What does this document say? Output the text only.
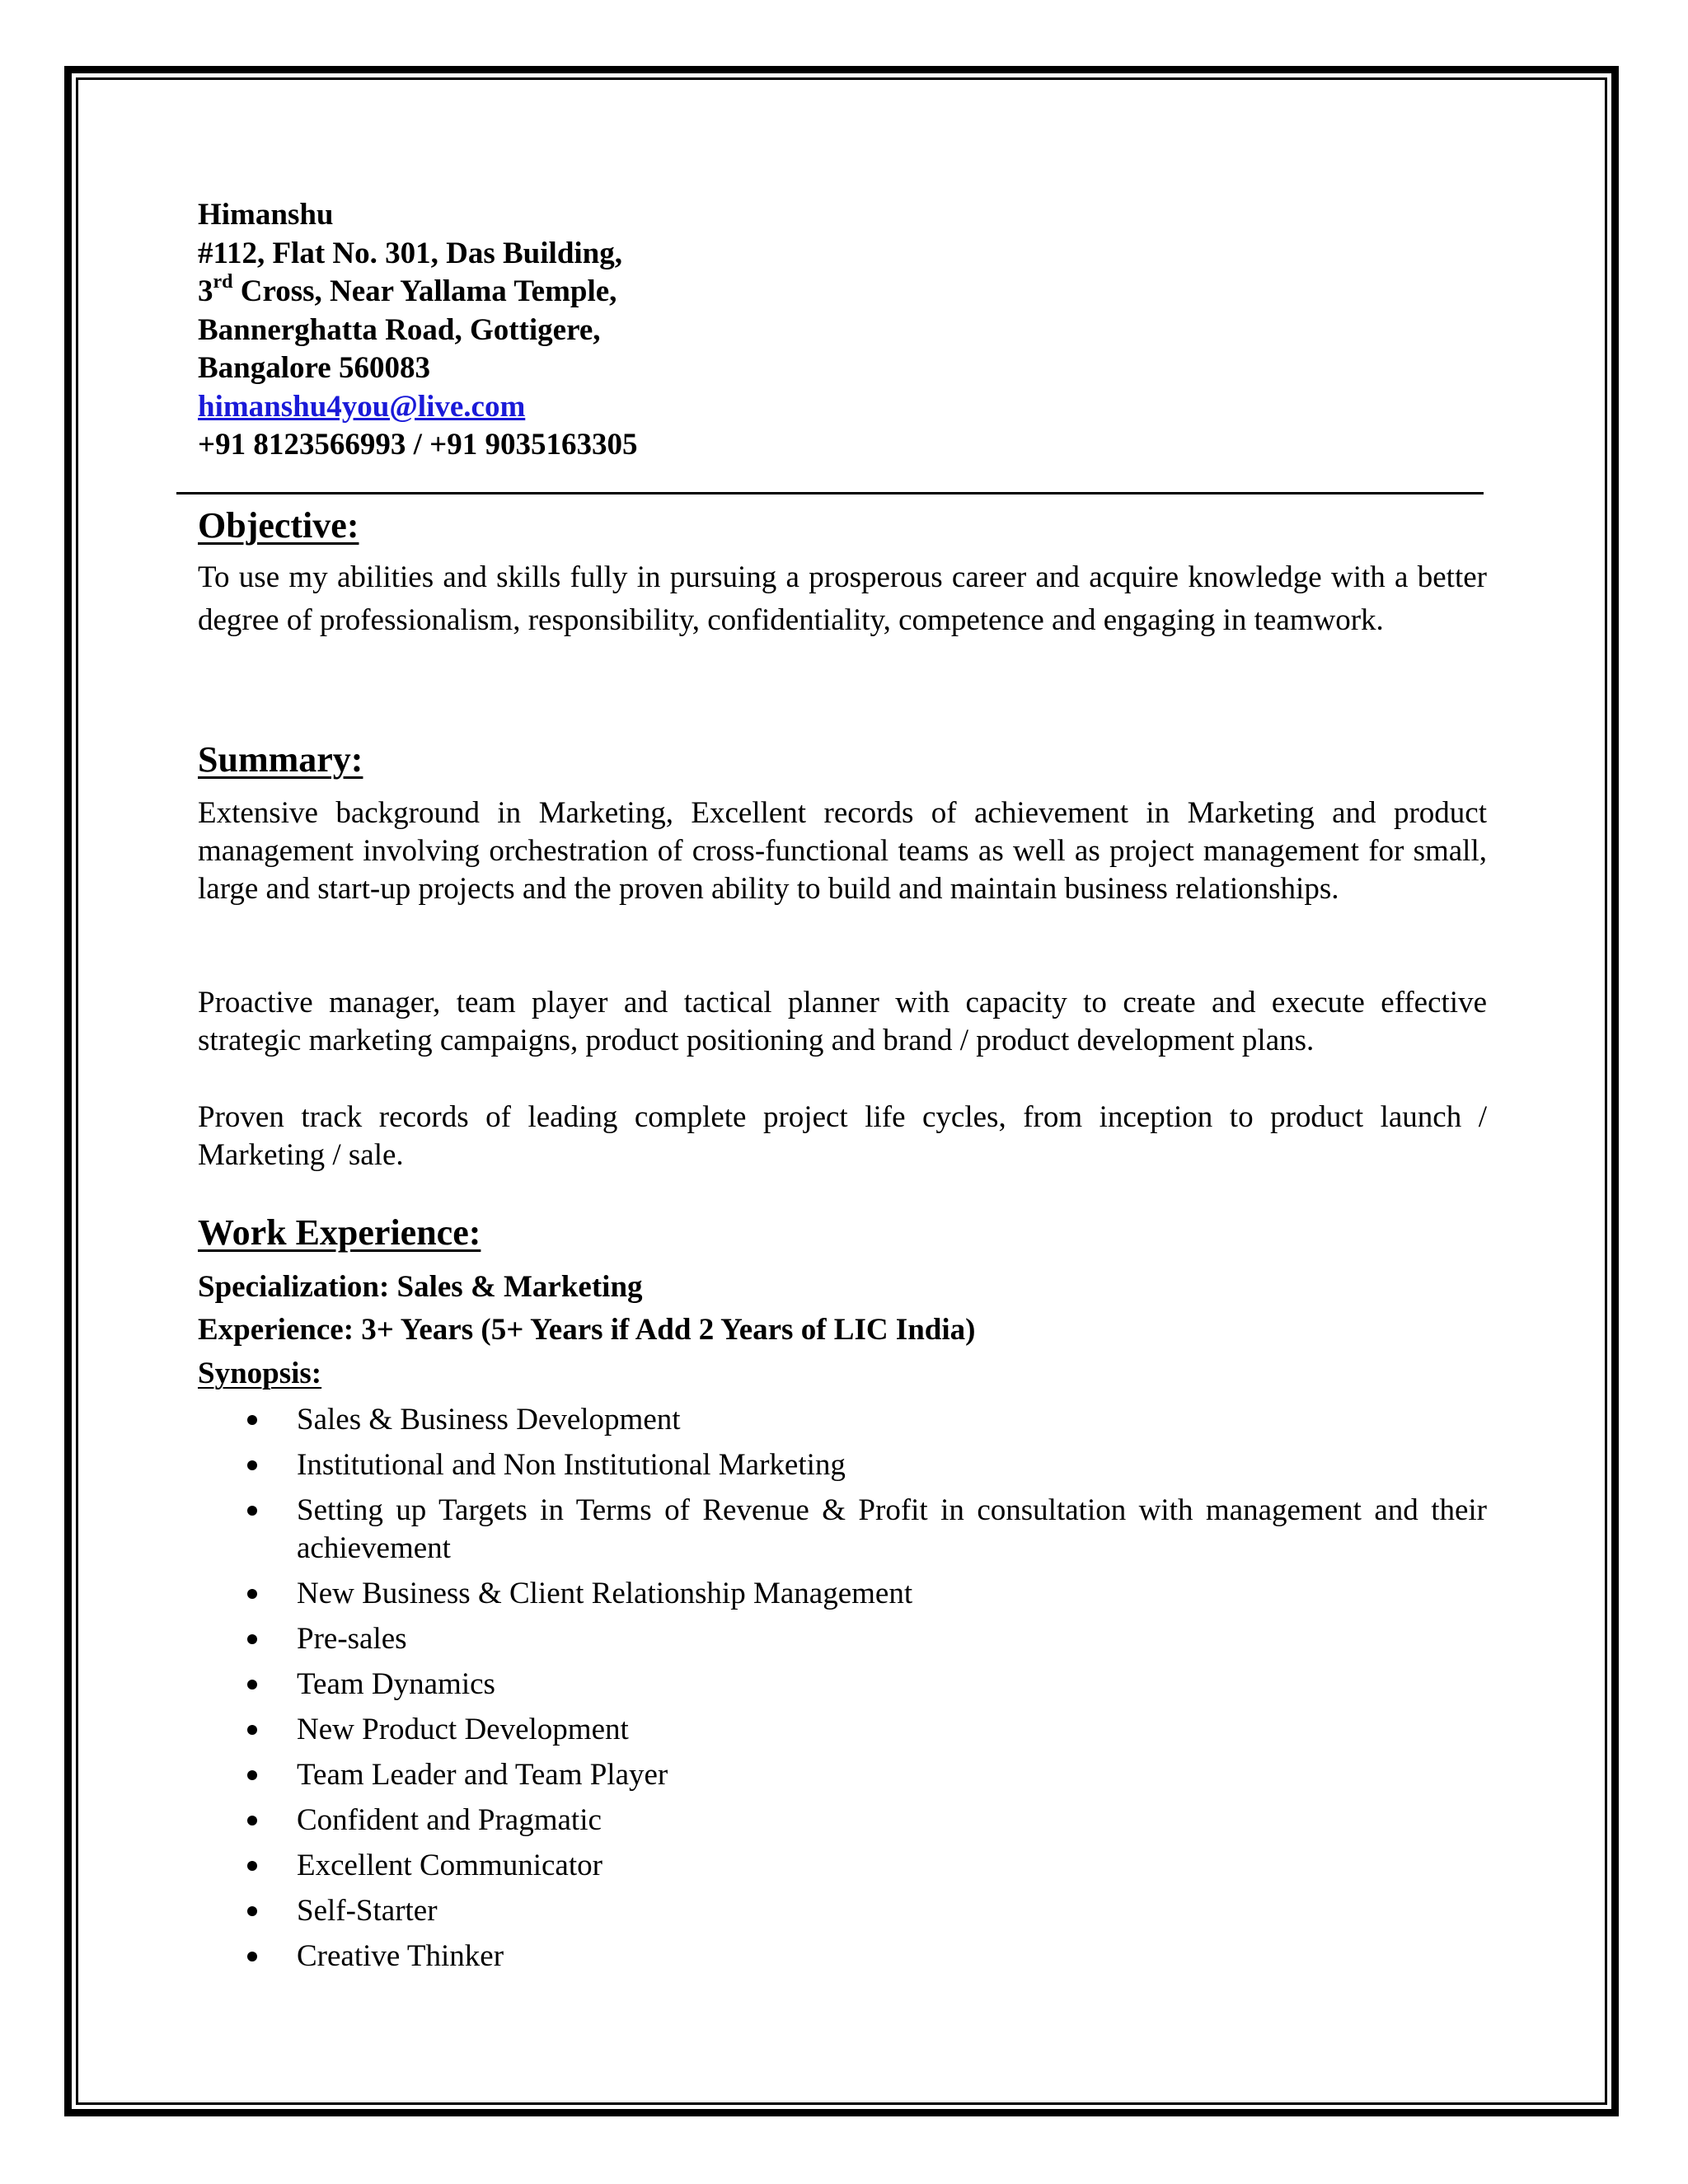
Himanshu
#112, Flat No. 301, Das Building,
3rd Cross, Near Yallama Temple,
Bannerghatta Road, Gottigere,
Bangalore 560083
himanshu4you@live.com
+91 8123566993 / +91 9035163305
Objective:
To use my abilities and skills fully in pursuing a prosperous career and acquire knowledge with a better degree of professionalism, responsibility, confidentiality, competence and engaging in teamwork.
Summary:
Extensive background in Marketing, Excellent records of achievement in Marketing and product management involving orchestration of cross-functional teams as well as project management for small, large and start-up projects and the proven ability to build and maintain business relationships.
Proactive manager, team player and tactical planner with capacity to create and execute effective strategic marketing campaigns, product positioning and brand / product development plans.
Proven track records of leading complete project life cycles, from inception to product launch / Marketing / sale.
Work Experience:
Specialization: Sales & Marketing
Experience: 3+ Years (5+ Years if Add 2 Years of LIC India)
Synopsis:
Sales & Business Development
Institutional and Non Institutional Marketing
Setting up Targets in Terms of Revenue & Profit in consultation with management and their achievement
New Business & Client Relationship Management
Pre-sales
Team Dynamics
New Product Development
Team Leader and Team Player
Confident and Pragmatic
Excellent Communicator
Self-Starter
Creative Thinker
